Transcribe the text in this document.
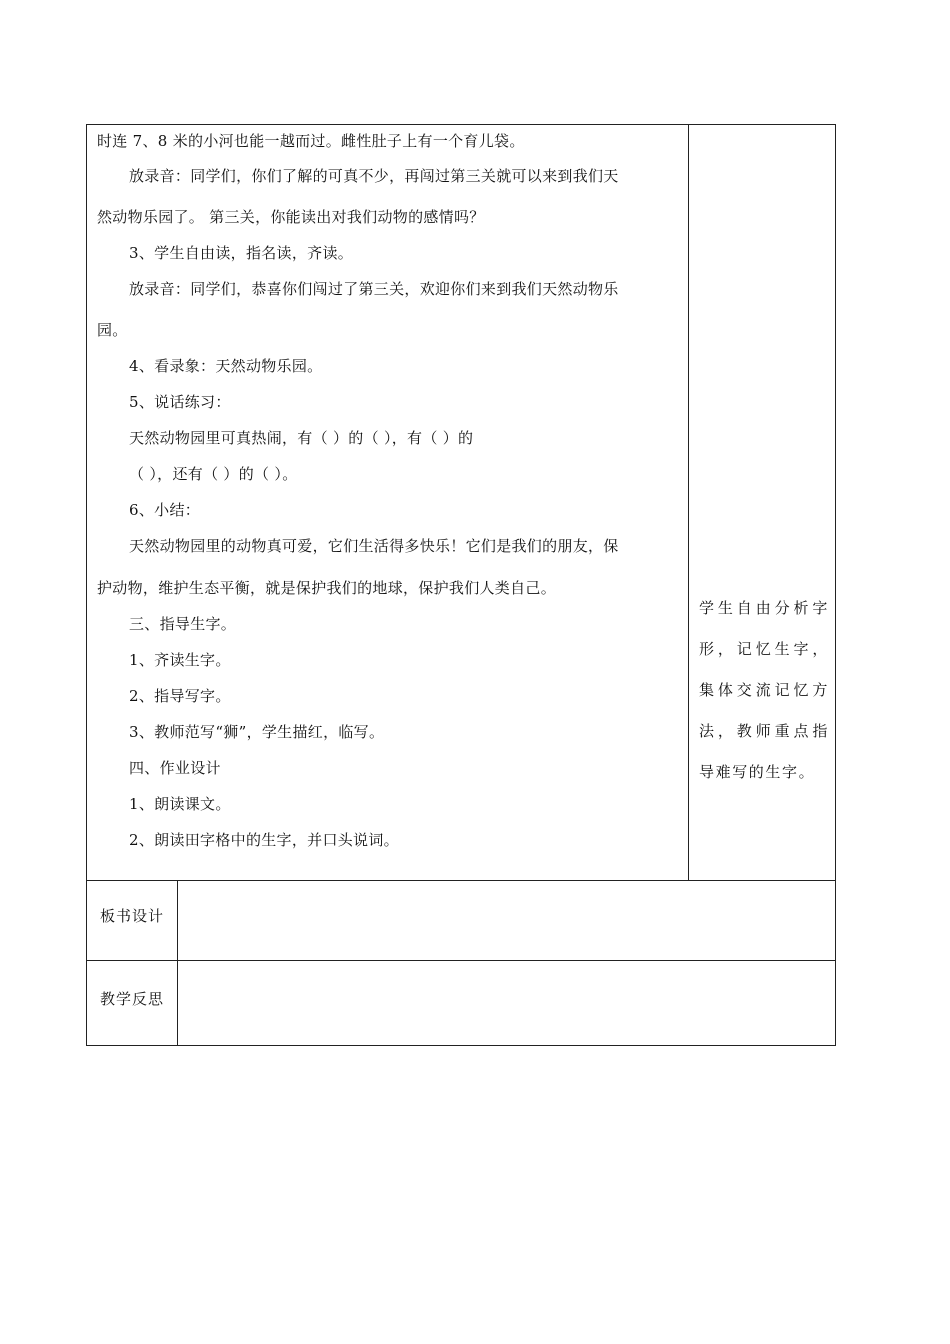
时连 7、8 米的小河也能一越而过。雌性肚子上有一个育儿袋。
放录音：同学们，你们了解的可真不少，再闯过第三关就可以来到我们天
然动物乐园了。 第三关，你能读出对我们动物的感情吗？
3、学生自由读，指名读，齐读。
放录音：同学们，恭喜你们闯过了第三关，欢迎你们来到我们天然动物乐
园。
4、看录象：天然动物乐园。
5、说话练习：
天然动物园里可真热闹，有（ ）的（ ），有（ ）的
（ ），还有（ ）的（ ）。
6、小结：
天然动物园里的动物真可爱，它们生活得多快乐！它们是我们的朋友，保
护动物，维护生态平衡，就是保护我们的地球，保护我们人类自己。
三、指导生字。
1、齐读生字。
2、指导写字。
3、教师范写“狮”，学生描红，临写。
四、作业设计
1、朗读课文。
2、朗读田字格中的生字，并口头说词。
学生自由分析字形，记忆生字，集体交流记忆方法，教师重点指导难写的生字。
板书设计
教学反思
